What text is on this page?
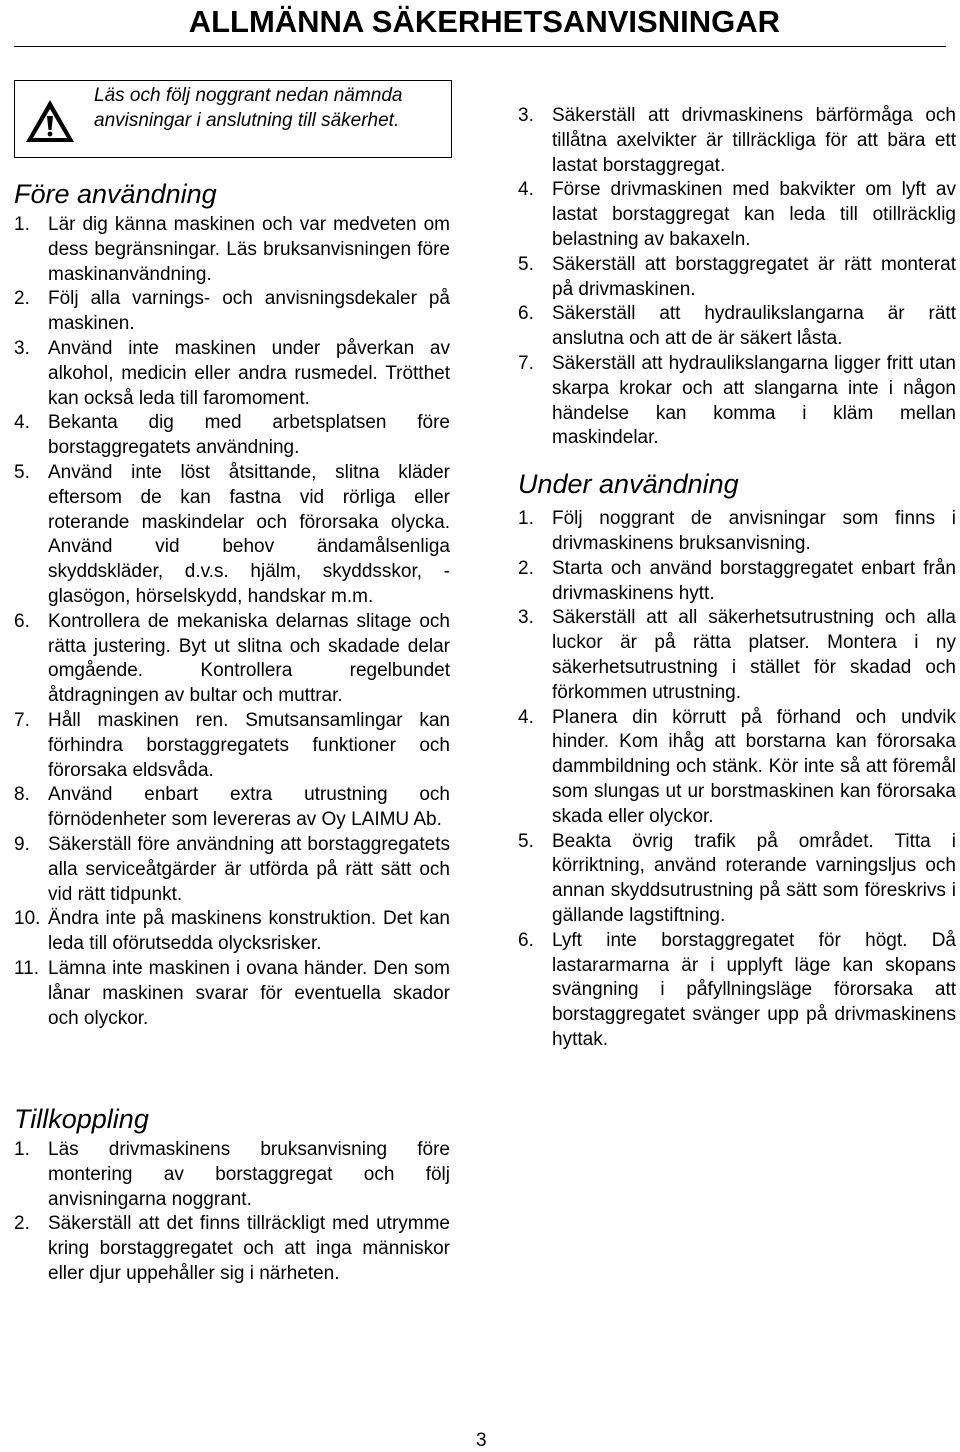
ALLMÄNNA SÄKERHETSANVISNINGAR
Läs och följ noggrant nedan nämnda anvisningar i anslutning till säkerhet.
Före användning
1. Lär dig känna maskinen och var medveten om dess begränsningar. Läs bruksanvisningen före maskinanvändning.
2. Följ alla varnings- och anvisningsdekaler på maskinen.
3. Använd inte maskinen under påverkan av alkohol, medicin eller andra rusmedel. Trötthet kan också leda till faromoment.
4. Bekanta dig med arbetsplatsen före borstaggregatets användning.
5. Använd inte löst åtsittande, slitna kläder eftersom de kan fastna vid rörliga eller roterande maskindelar och förorsaka olycka. Använd vid behov ändamålsenliga skyddskläder, d.v.s. hjälm, skyddsskor, -glasögon, hörselskydd, handskar m.m.
6. Kontrollera de mekaniska delarnas slitage och rätta justering. Byt ut slitna och skadade delar omgående. Kontrollera regelbundet åtdragningen av bultar och muttrar.
7. Håll maskinen ren. Smutsansamlingar kan förhindra borstaggregatets funktioner och förorsaka eldsvåda.
8. Använd enbart extra utrustning och förnödenheter som levereras av Oy LAIMU Ab.
9. Säkerställ före användning att borstaggregatets alla serviceåtgärder är utförda på rätt sätt och vid rätt tidpunkt.
10. Ändra inte på maskinens konstruktion. Det kan leda till oförutsedda olycksrisker.
11. Lämna inte maskinen i ovana händer. Den som lånar maskinen svarar för eventuella skador och olyckor.
Tillkoppling
1. Läs drivmaskinens bruksanvisning före montering av borstaggregat och följ anvisningarna noggrant.
2. Säkerställ att det finns tillräckligt med utrymme kring borstaggregatet och att inga människor eller djur uppehåller sig i närheten.
3. Säkerställ att drivmaskinens bärförmåga och tillåtna axelvikter är tillräckliga för att bära ett lastat borstaggregat.
4. Förse drivmaskinen med bakvikter om lyft av lastat borstaggregat kan leda till otillräcklig belastning av bakaxeln.
5. Säkerställ att borstaggregatet är rätt monterat på drivmaskinen.
6. Säkerställ att hydraulikslangarna är rätt anslutna och att de är säkert låsta.
7. Säkerställ att hydraulikslangarna ligger fritt utan skarpa krokar och att slangarna inte i någon händelse kan komma i kläm mellan maskindelar.
Under användning
1. Följ noggrant de anvisningar som finns i drivmaskinens bruksanvisning.
2. Starta och använd borstaggregatet enbart från drivmaskinens hytt.
3. Säkerställ att all säkerhetsutrustning och alla luckor är på rätta platser. Montera i ny säkerhetsutrustning i stället för skadad och förkommen utrustning.
4. Planera din körrutt på förhand och undvik hinder. Kom ihåg att borstarna kan förorsaka dammbildning och stänk. Kör inte så att föremål som slungas ut ur borstmaskinen kan förorsaka skada eller olyckor.
5. Beakta övrig trafik på området. Titta i körriktning, använd roterande varningsljus och annan skyddsutrustning på sätt som föreskrivs i gällande lagstiftning.
6. Lyft inte borstaggregatet för högt. Då lastararmarna är i upplyft läge kan skopans svängning i påfyllningsläge förorsaka att borstaggregatet svänger upp på drivmaskinens hyttak.
3
